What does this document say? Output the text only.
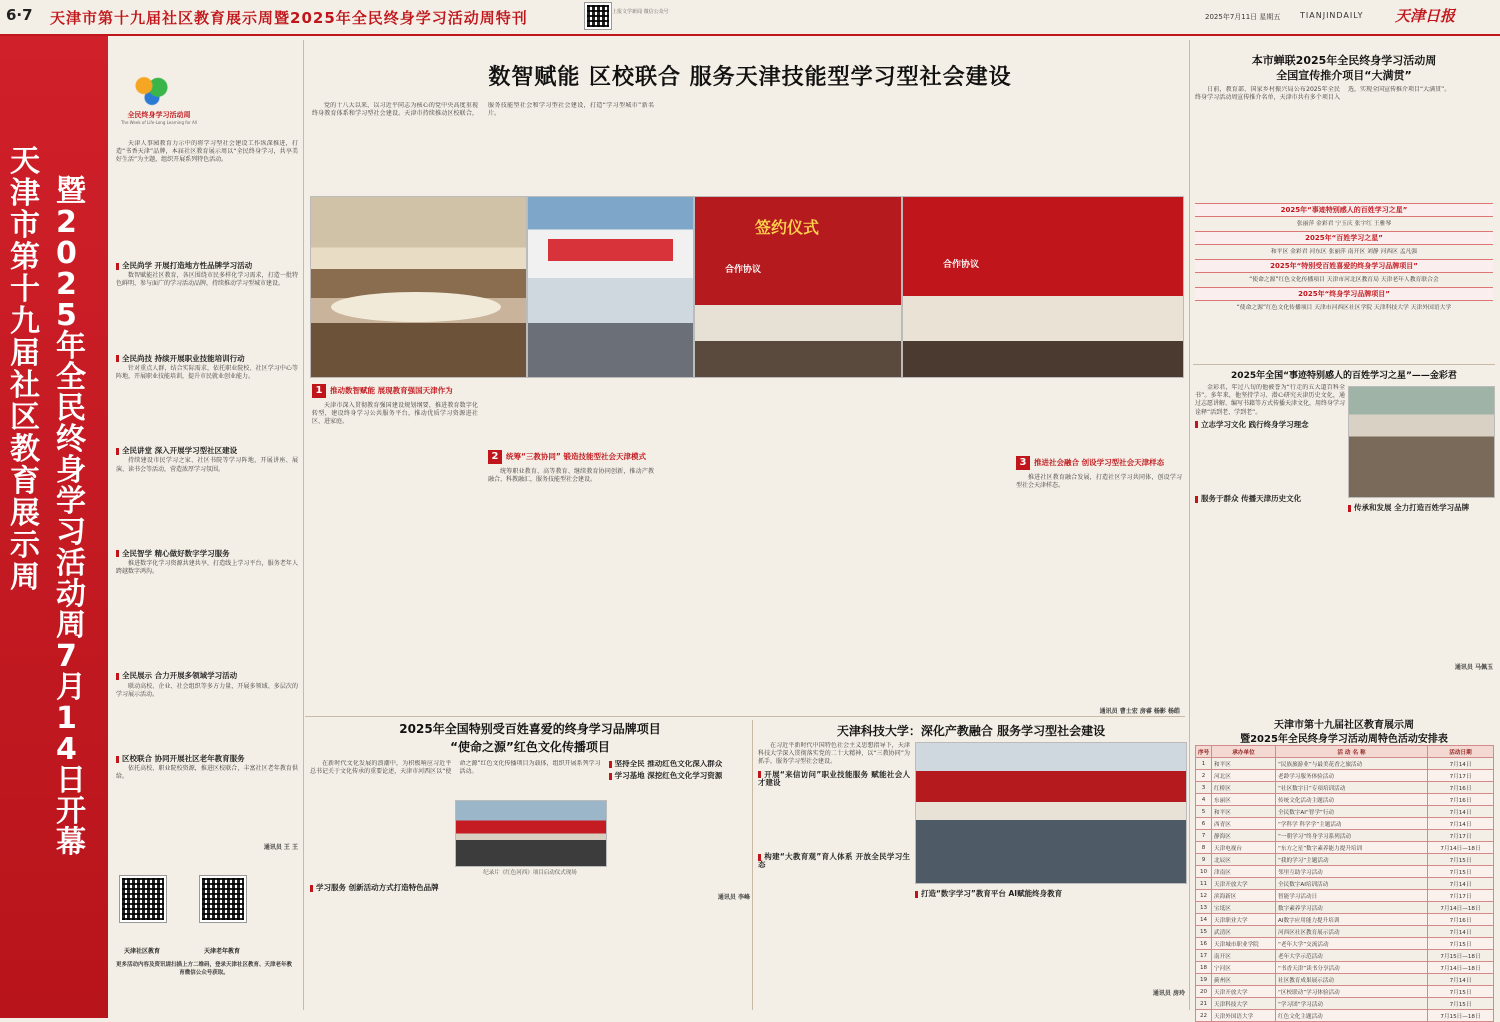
6·7 天津市第十九届社区教育展示周暨2025年全民终身学习活动周特刊	上报文学新闻 微信公众号
2025年7月11日 星期五 TIANJINDAILY 天津日报
天津市第十九届社区教育展示周
暨2025年全民终身学习活动周7月14日开幕
全民终身学习活动周
The Week of Life-Long Learning for All

天津人事园教育力示中的将学习型社会建设工作纵深推进，打造“书香天津”品牌，本届社区教育展示周以“全民终身学习，共享美好生活”为主题，组织开展系列特色活动。

全民尚学 开展打造地方性品牌学习活动

数智赋能社区教育，各区围绕市民多样化学习需求，打造一批特色鲜明、参与面广的学习活动品牌，持续推动学习型城市建设。

全民尚技 持续开展职业技能培训行动

针对重点人群，结合实际需求，依托职业院校、社区学习中心等阵地，开展职业技能培训，提升市民就业创业能力。

全民讲堂 深入开展学习型社区建设

持续建设市民学习之家、社区书院等学习阵地，开展讲座、展演、读书会等活动，营造浓厚学习氛围。

全民智学 精心做好数字学习服务

推进数字化学习资源共建共享，打造线上学习平台，服务老年人跨越数字鸿沟。

全民展示 合力开展多领域学习活动

联动高校、企业、社会组织等多方力量，开展多领域、多层次的学习展示活动。

区校联合 协同开展社区老年教育服务

依托高校、职业院校资源，推进区校联合，丰富社区老年教育供给。

通讯员 王 王
数智赋能 区校联合 服务天津技能型学习型社会建设

党的十八大以来，以习近平同志为核心的党中央高度重视终身教育体系和学习型社会建设。天津市持续推动区校联合，服务技能型社会和学习型社会建设，打造“学习型城市”新名片。

合作协议
签约仪式
合作协议
1	推动数智赋能 展现教育强国天津作为

天津市深入贯彻教育强国建设规划纲要，推进教育数字化转型，建设终身学习公共服务平台，推动优质学习资源进社区、进家庭。

2	统筹“三教协同” 锻造技能型社会天津模式

统筹职业教育、高等教育、继续教育协同创新，推动产教融合、科教融汇，服务技能型社会建设。

3	推进社会融合 创设学习型社会天津样态

推进社区教育融合发展，打造社区学习共同体，创设学习型社会天津样态。

通讯员 曹士宏 房睿 杨影 杨皓
2025年全国特别受百姓喜爱的终身学习品牌项目
“使命之源”红色文化传播项目

在新时代文化发展的浪潮中，为积极响应习近平总书记关于文化传承的重要论述，天津市河西区以“使命之源”红色文化传播项目为载体，组织开展系列学习活动。

坚持全民 推动红色文化深入群众
学习基地 深挖红色文化学习资源
纪录片《红色河西》项目启动仪式现场
学习服务 创新活动方式打造特色品牌
通讯员 李峰
天津社区教育	天津老年教育
更多活动内容及资讯请扫描上方二维码，登录天津社区教育、天津老年教育微信公众号获取。
天津科技大学：深化产教融合 服务学习型社会建设

在习近平新时代中国特色社会主义思想指导下，天津科技大学深入贯彻落实党的二十大精神，以“三教协同”为抓手，服务学习型社会建设。

开展“来信访问”职业技能服务 赋能社会人才建设
构建“大教育观”育人体系 开放全民学习生态
打造“数字学习”教育平台 AI赋能终身教育
通讯员 房玲
本市蝉联2025年全民终身学习活动周
全国宣传推介项目“大满贯”

日前，教育部、国家乡村振兴局公布2025年全民终身学习活动周宣传推介名单，天津市共有多个项目入选，实现全国宣传推介项目“大满贯”。

2025年“事迹特别感人的百姓学习之星”
张丽萍 金彩君 宁玉庆 张宇红 王雅琴
2025年“百姓学习之星”
和平区 金彩君 河东区 张丽萍 南开区 刘静 河西区 孟凡强
2025年“特别受百姓喜爱的终身学习品牌项目”
“使命之源”红色文化传播项目 天津市河北区教育局 天津老年人教育联合会
2025年“终身学习品牌项目”
“使命之源”红色文化传播项目 天津市河西区社区学院 天津科技大学 天津外国语大学
2025年全国“事迹特别感人的百姓学习之星”——金彩君

金彩君，年过八旬的他被誉为“行走的五大道百科全书”。多年来，他坚持学习、潜心研究天津历史文化，通过志愿讲解、编写书籍等方式传播天津文化，用终身学习诠释“活到老、学到老”。

立志学习文化 践行终身学习理念
服务于群众 传播天津历史文化
传承和发展 全力打造百姓学习品牌
通讯员 马佩玉
天津市第十九届社区教育展示周
暨2025年全民终身学习活动周特色活动安排表
序号	承办单位	活 动 名 称	活动日期
1	和平区	“民族旅游业”与最美花香之旅活动	7月14日
2	河北区	老龄学习服务体验活动	7月17日
3	红桥区	“社区数字日”专项培训活动	7月16日
4	东丽区	传统文化活动主题活动	7月16日
5	和平区	全民数字AI“智学”行动	7月14日
6	西青区	“学科学 科学学”主题活动	7月14日
7	静海区	“一朝学习”终身学习系列活动	7月17日
8	天津电视台	“东方之星”数字素养能力提升培训	7月14日—18日
9	北辰区	“我的学习”主题活动	7月15日
10	津南区	邻里互助学习活动	7月15日
11	天津开放大学	全民数字AI培训活动	7月14日
12	滨海新区	智能学习活动日	7月17日
13	宝坻区	数字素养学习活动	7月14日—18日
14	天津职业大学	AI数字应用能力提升培训	7月16日
15	武清区	河西区社区教育展示活动	7月14日
16	天津城市职业学院	“老年大学”交流活动	7月15日
17	南开区	老年大学示范活动	7月15日—18日
18	宁河区	“书香天津”读书分享活动	7月14日—18日
19	蓟州区	社区教育成果展示活动	7月14日
20	天津开放大学	“区校联动”学习体验活动	7月15日
21	天津科技大学	“学习团”学习活动	7月15日
22	天津外国语大学	红色文化主题活动	7月15日—18日
